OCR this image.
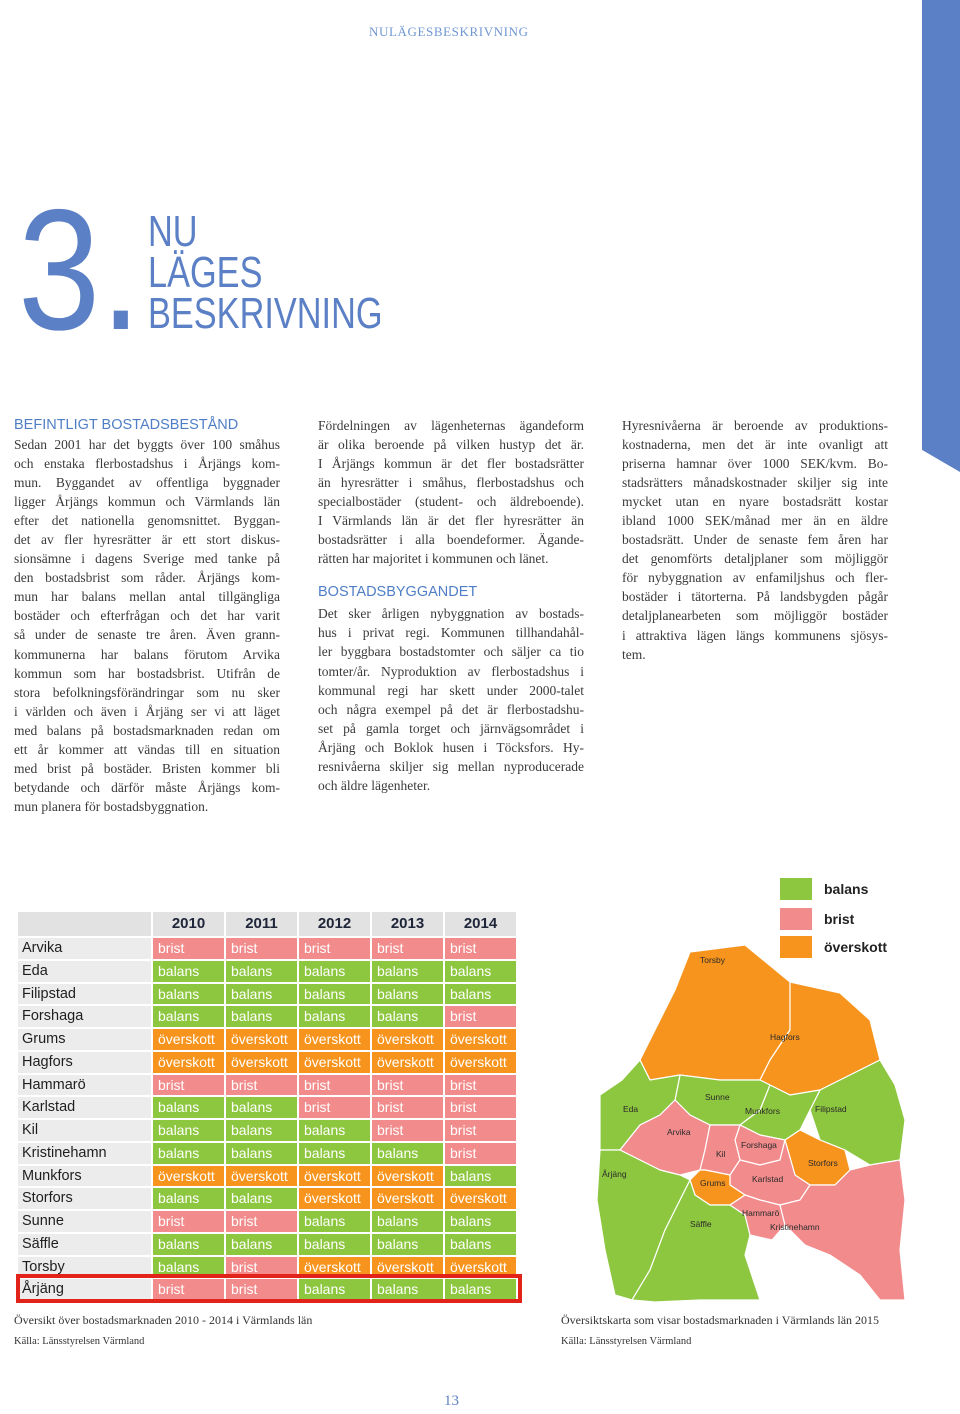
NULÄGESBESKRIVNING
3. NU
LÄGES
BESKRIVNING
BEFINTLIGT BOSTADSBESTÅND
Sedan 2001 har det byggts över 100 småhus
och enstaka flerbostadshus i Årjängs kom-
mun. Byggandet av offentliga byggnader
ligger Årjängs kommun och Värmlands län
efter det nationella genomsnittet. Byggan-
det av fler hyresrätter är ett stort diskus-
sionsämne i dagens Sverige med tanke på
den bostadsbrist som råder. Årjängs kom-
mun har balans mellan antal tillgängliga
bostäder och efterfrågan och det har varit
så under de senaste tre åren. Även grann-
kommunerna har balans förutom Arvika
kommun som har bostadsbrist. Utifrån de
stora befolkningsförändringar som nu sker
i världen och även i Årjäng ser vi att läget
med balans på bostadsmarknaden redan om
ett år kommer att vändas till en situation
med brist på bostäder. Bristen kommer bli
betydande och därför måste Årjängs kom-
mun planera för bostadsbyggnation.
Fördelningen av lägenheternas ägandeform
är olika beroende på vilken hustyp det är.
I Årjängs kommun är det fler bostadsrätter
än hyresrätter i småhus, flerbostadshus och
specialbostäder (student- och äldreboende).
I Värmlands län är det fler hyresrätter än
bostadsrätter i alla boendeformer. Ägande-
rätten har majoritet i kommunen och länet.
BOSTADSBYGGANDET
Det sker årligen nybyggnation av bostads-
hus i privat regi. Kommunen tillhandahål-
ler byggbara bostadstomter och säljer ca tio
tomter/år. Nyproduktion av flerbostadshus i
kommunal regi har skett under 2000-talet
och några exempel på det är flerbostadshu-
set på gamla torget och järnvägsområdet i
Årjäng och Boklok husen i Töcksfors. Hy-
resnivåerna skiljer sig mellan nyproducerade
och äldre lägenheter.
Hyresnivåerna är beroende av produktions-
kostnaderna, men det är inte ovanligt att
priserna hamnar över 1000 SEK/kvm. Bo-
stadsrätters månadskostnader skiljer sig inte
mycket utan en nyare bostadsrätt kostar
ibland 1000 SEK/månad mer än en äldre
bostadsrätt. Under de senaste fem åren har
det genomförts detaljplaner som möjliggör
för nybyggnation av enfamiljshus och fler-
bostäder i tätorterna. På landsbygden pågår
detaljplanearbeten som möjliggör bostäder
i attraktiva lägen längs kommunens sjösys-
tem.
2010	2011	2012	2013	2014
Arvika	brist	brist	brist	brist	brist
Eda	balans	balans	balans	balans	balans
Filipstad	balans	balans	balans	balans	balans
Forshaga	balans	balans	balans	balans	brist
Grums	överskott	överskott	överskott	överskott	överskott
Hagfors	överskott	överskott	överskott	överskott	överskott
Hammarö	brist	brist	brist	brist	brist
Karlstad	balans	balans	brist	brist	brist
Kil	balans	balans	balans	brist	brist
Kristinehamn	balans	balans	balans	balans	brist
Munkfors	överskott	överskott	överskott	överskott	balans
Storfors	balans	balans	överskott	överskott	överskott
Sunne	brist	brist	balans	balans	balans
Säffle	balans	balans	balans	balans	balans
Torsby	balans	brist	överskott	överskott	överskott
Årjäng	brist	brist	balans	balans	balans
balans
brist
överskott
Torsby
Hagfors
Filipstad
Sunne
Munkfors
Eda
Arvika
Forshaga
Kil
Storfors
Karlstad
Grums
Årjäng
Säffle
Hammarö
Kristinehamn
Översikt över bostadsmarknaden 2010 - 2014 i Värmlands län
Källa: Länsstyrelsen Värmland
Översiktskarta som visar bostadsmarknaden i Värmlands län 2015
Källa: Länsstyrelsen Värmland
13
